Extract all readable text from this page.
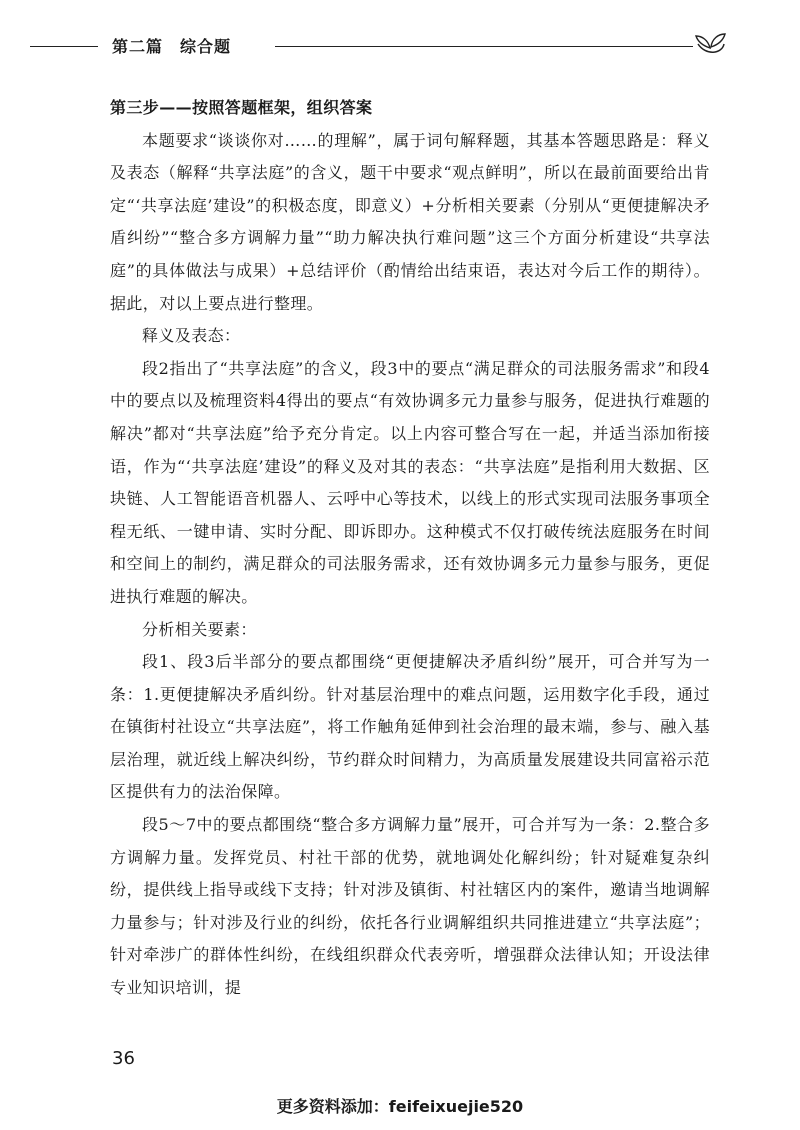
第二篇 综合题

第三步——按照答题框架，组织答案

本题要求“谈谈你对……的理解”，属于词句解释题，其基本答题思路是：释义及表态（解释“共享法庭”的含义，题干中要求“观点鲜明”，所以在最前面要给出肯定“‘共享法庭’建设”的积极态度，即意义）+分析相关要素（分别从“更便捷解决矛盾纠纷”“整合多方调解力量”“助力解决执行难问题”这三个方面分析建设“共享法庭”的具体做法与成果）+总结评价（酌情给出结束语，表达对今后工作的期待）。据此，对以上要点进行整理。

释义及表态：

段2指出了“共享法庭”的含义，段3中的要点“满足群众的司法服务需求”和段4中的要点以及梳理资料4得出的要点“有效协调多元力量参与服务，促进执行难题的解决”都对“共享法庭”给予充分肯定。以上内容可整合写在一起，并适当添加衔接语，作为“‘共享法庭’建设”的释义及对其的表态：“共享法庭”是指利用大数据、区块链、人工智能语音机器人、云呼中心等技术，以线上的形式实现司法服务事项全程无纸、一键申请、实时分配、即诉即办。这种模式不仅打破传统法庭服务在时间和空间上的制约，满足群众的司法服务需求，还有效协调多元力量参与服务，更促进执行难题的解决。

分析相关要素：

段1、段3后半部分的要点都围绕“更便捷解决矛盾纠纷”展开，可合并写为一条：1.更便捷解决矛盾纠纷。针对基层治理中的难点问题，运用数字化手段，通过在镇街村社设立“共享法庭”，将工作触角延伸到社会治理的最末端，参与、融入基层治理，就近线上解决纠纷，节约群众时间精力，为高质量发展建设共同富裕示范区提供有力的法治保障。

段5～7中的要点都围绕“整合多方调解力量”展开，可合并写为一条：2.整合多方调解力量。发挥党员、村社干部的优势，就地调处化解纠纷；针对疑难复杂纠纷，提供线上指导或线下支持；针对涉及镇街、村社辖区内的案件，邀请当地调解力量参与；针对涉及行业的纠纷，依托各行业调解组织共同推进建立“共享法庭”；针对牵涉广的群体性纠纷，在线组织群众代表旁听，增强群众法律认知；开设法律专业知识培训，提

36
更多资料添加：feifeixuejie520
